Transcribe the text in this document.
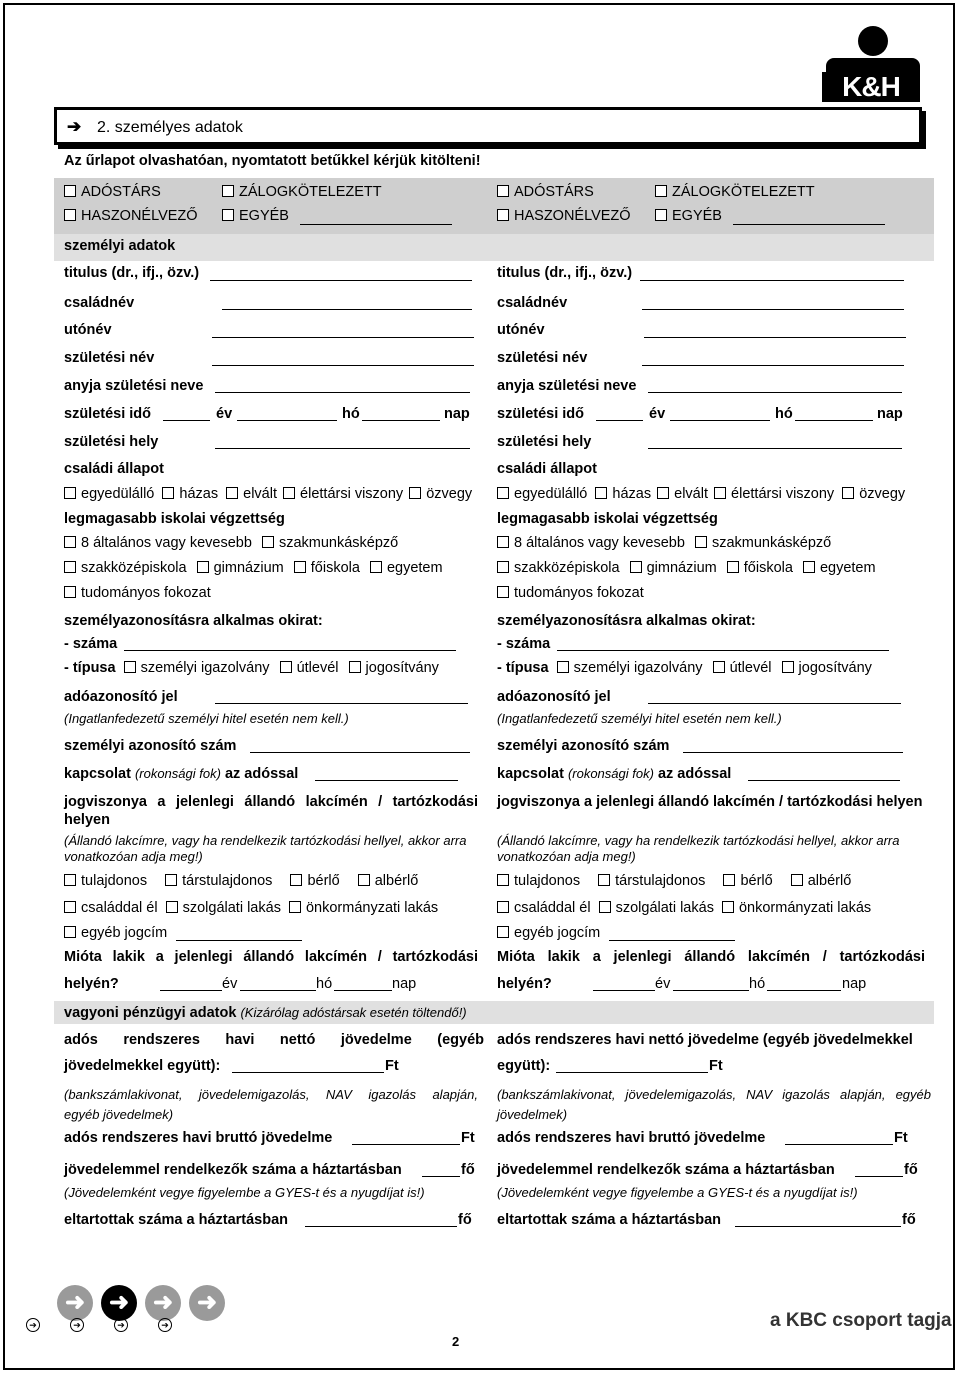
K&H
➔ 2. személyes adatok
Az űrlapot olvashatóan, nyomtatott betűkkel kérjük kitölteni!
ADÓSTÁRS	ZÁLOGKÖTELEZETT
HASZONÉLVEZŐ	EGYÉB
ADÓSTÁRS	ZÁLOGKÖTELEZETT
HASZONÉLVEZŐ	EGYÉB
személyi adatok
titulus (dr., ifj., özv.)
családnév
utónév
születési név
anyja születési neve
születési idő	év	hó	nap
születési hely
családi állapot
egyedülálló házas elvált élettársi viszony özvegy
legmagasabb iskolai végzettség
8 általános vagy kevesebb szakmunkásképző
szakközépiskola gimnázium főiskola egyetem
tudományos fokozat
személyazonosításra alkalmas okirat:
- száma
- típusa személyi igazolvány útlevél jogosítvány
adóazonosító jel
(Ingatlanfedezetű személyi hitel esetén nem kell.)
személyi azonosító szám
kapcsolat (rokonsági fok) az adóssal
jogviszonya a jelenlegi állandó lakcímén / tartózkodási helyen
(Állandó lakcímre, vagy ha rendelkezik tartózkodási hellyel, akkor arra vonatkozóan adja meg!)
tulajdonos társtulajdonos bérlő albérlő
családdal él szolgálati lakás önkormányzati lakás
egyéb jogcím
Mióta lakik a jelenlegi állandó lakcímén / tartózkodási
helyén?	év	hó	nap
titulus (dr., ifj., özv.)
családnév
utónév
születési név
anyja születési neve
születési idő	év	hó	nap
születési hely
családi állapot
egyedülálló házas elvált élettársi viszony özvegy
legmagasabb iskolai végzettség
8 általános vagy kevesebb szakmunkásképző
szakközépiskola gimnázium főiskola egyetem
tudományos fokozat
személyazonosításra alkalmas okirat:
- száma
- típusa személyi igazolvány útlevél jogosítvány
adóazonosító jel
(Ingatlanfedezetű személyi hitel esetén nem kell.)
személyi azonosító szám
kapcsolat (rokonsági fok) az adóssal
jogviszonya a jelenlegi állandó lakcímén / tartózkodási helyen
(Állandó lakcímre, vagy ha rendelkezik tartózkodási hellyel, akkor arra vonatkozóan adja meg!)
tulajdonos társtulajdonos bérlő albérlő
családdal él szolgálati lakás önkormányzati lakás
egyéb jogcím
Mióta lakik a jelenlegi állandó lakcímén / tartózkodási
helyén?	év	hó	nap
vagyoni pénzügyi adatok (Kizárólag adóstársak esetén töltendő!)
adós rendszeres havi nettó jövedelme (egyéb
jövedelmekkel együtt):	Ft
(bankszámlakivonat, jövedelemigazolás, NAV igazolás alapján,
egyéb jövedelmek)
adós rendszeres havi bruttó jövedelme	Ft
jövedelemmel rendelkezők száma a háztartásban	fő
(Jövedelemként vegye figyelembe a GYES-t és a nyugdíjat is!)
eltartottak száma a háztartásban	fő
adós rendszeres havi nettó jövedelme (egyéb jövedelmekkel
együtt):	Ft
(bankszámlakivonat, jövedelemigazolás, NAV igazolás alapján, egyéb
jövedelmek)
adós rendszeres havi bruttó jövedelme	Ft
jövedelemmel rendelkezők száma a háztartásban	fő
(Jövedelemként vegye figyelembe a GYES-t és a nyugdíjat is!)
eltartottak száma a háztartásban	fő
➜ ➜ ➜ ➜
➔	➔	➔	➔
2
a KBC csoport tagja
